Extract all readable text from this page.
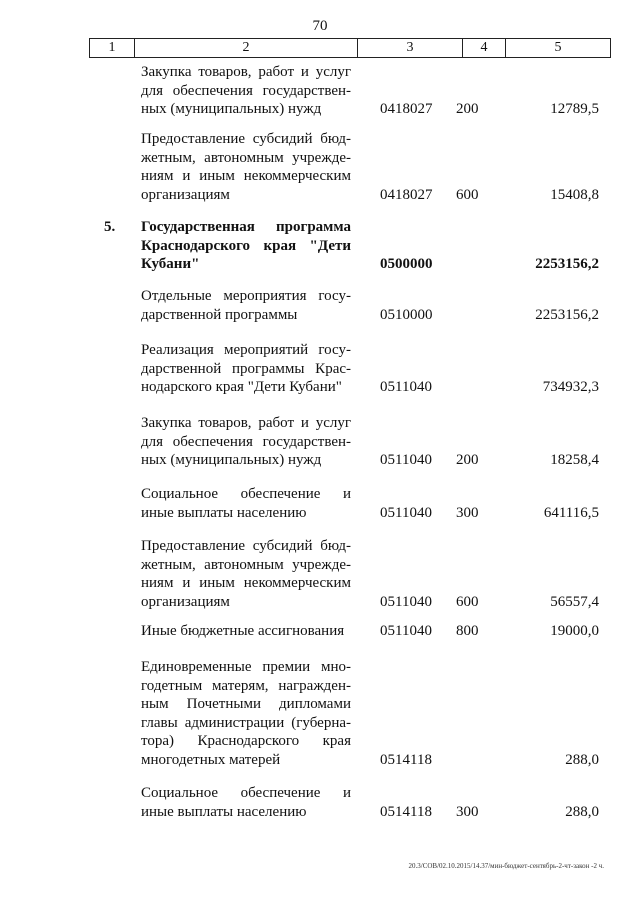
70
1	2	3	4	5
Закупка товаров, работ и услуг
для обеспечения государствен-
ных (муниципальных) нужд	0418027 200	12789,5
Предоставление субсидий бюд-
жетным, автономным учрежде-
ниям и иным некоммерческим
организациям	0418027 600	15408,8
5. Государственная программа
Краснодарского края "Дети
Кубани"	0500000	2253156,2
Отдельные мероприятия госу-
дарственной программы	0510000	2253156,2
Реализация мероприятий госу-
дарственной программы Крас-
нодарского края "Дети Кубани"	0511040	734932,3
Закупка товаров, работ и услуг
для обеспечения государствен-
ных (муниципальных) нужд	0511040 200	18258,4
Социальное обеспечение и
иные выплаты населению	0511040 300	641116,5
Предоставление субсидий бюд-
жетным, автономным учрежде-
ниям и иным некоммерческим
организациям	0511040 600	56557,4
Иные бюджетные ассигнования	0511040 800	19000,0
Единовременные премии мно-
годетным матерям, награжден-
ным Почетными дипломами
главы администрации (губерна-
тора) Краснодарского края
многодетных матерей	0514118	288,0
Социальное обеспечение и
иные выплаты населению	0514118 300	288,0
20.3/СОВ/02.10.2015/14.37/мин-бюджет-сентябрь-2-чт-закон -2 ч.
